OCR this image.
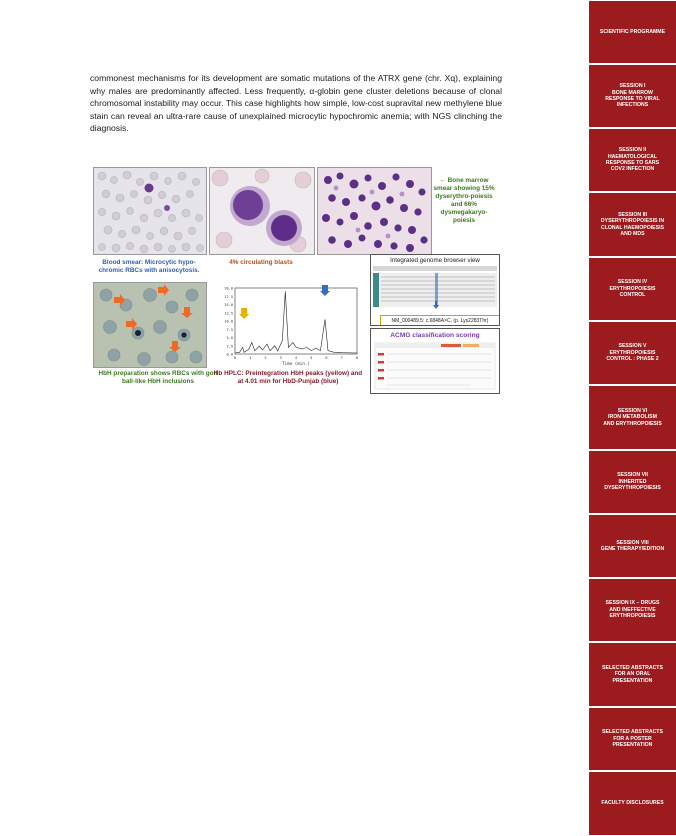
commonest mechanisms for its development are somatic mutations of the ATRX gene (chr. Xq), explaining why males are predominantly affected. Less frequently, α-globin gene cluster deletions because of clonal chromosomal instability may occur. This case highlights how simple, low-cost supravital new methylene blue stain can reveal an ultra-rare cause of unexplained microcytic hypochromic anemia; with NGS clinching the diagnosis.
Blood smear: Microcytic hypo-chromic RBCs with anisocytosis.
4% circulating blasts
← Bone marrow smear showing 15% dyserythro-poiesis and 66% dysmegakaryo-poiesis
HbH preparation shows RBCs with golf ball-like HbH inclusions
20.0
17.5
15.0
12.5
10.0
7.5
5.0
2.5
0.0
0	1	2	3	4	5	6	7	8
Time (min.)
Hb HPLC: Preintegration HbH peaks (yellow) and at 4.01 min for HbD-Punjab (blue)
Integrated genome browser view
NM_000489.5: c.6848A>C, (p. Lys2283Thr)
ACMG classification scoring
SCIENTIFIC PROGRAMME
SESSION I
BONE MARROW
RESPONSE TO VIRAL
INFECTIONS
SESSION II
HAEMATOLOGICAL
RESPONSE TO SARS
COV2 INFECTION
SESSION III
DYSERYTHROPOIESIS IN
CLONAL HAEMOPOIESIS
AND MDS
SESSION IV
ERYTHROPOIESIS
CONTROL
SESSION V
ERYTHROPOIESIS
CONTROL : PHASE 2
SESSION VI
IRON METABOLISM
AND ERYTHROPOIESIS
SESSION VII
INHERITED
DYSERYTHROPOIESIS
SESSION VIII
GENE THERAPY/EDITION
SESSION IX – DRUGS
AND INEFFECTIVE
ERYTHROPOIESIS
SELECTED ABSTRACTS
FOR AN ORAL
PRESENTATION
SELECTED ABSTRACTS
FOR A POSTER
PRESENTATION
FACULTY DISCLOSURES
